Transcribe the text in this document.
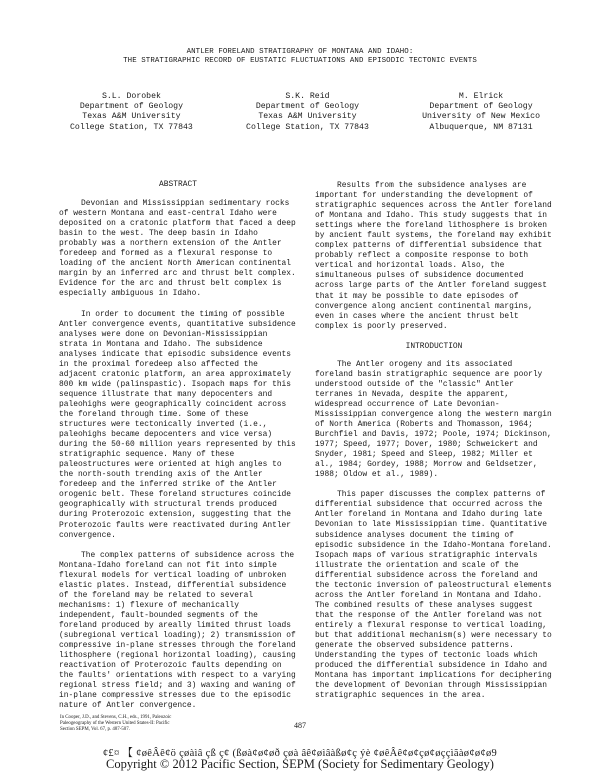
ANTLER FORELAND STRATIGRAPHY OF MONTANA AND IDAHO:
THE STRATIGRAPHIC RECORD OF EUSTATIC FLUCTUATIONS AND EPISODIC TECTONIC EVENTS
S.L. Dorobek
Department of Geology
Texas A&M University
College Station, TX 77843
S.K. Reid
Department of Geology
Texas A&M University
College Station, TX 77843
M. Elrick
Department of Geology
University of New Mexico
Albuquerque, NM 87131
ABSTRACT

Devonian and Mississippian sedimentary rocks of western Montana and east-central Idaho were deposited on a cratonic platform that faced a deep basin to the west. The deep basin in Idaho probably was a northern extension of the Antler foredeep and formed as a flexural response to loading of the ancient North American continental margin by an inferred arc and thrust belt complex. Evidence for the arc and thrust belt complex is especially ambiguous in Idaho.

In order to document the timing of possible Antler convergence events, quantitative subsidence analyses were done on Devonian-Mississippian strata in Montana and Idaho. The subsidence analyses indicate that episodic subsidence events in the proximal foredeep also affected the adjacent cratonic platform, an area approximately 800 km wide (palinspastic). Isopach maps for this sequence illustrate that many depocenters and paleohighs were geographically coincident across the foreland through time. Some of these structures were tectonically inverted (i.e., paleohighs became depocenters and vice versa) during the 50-60 million years represented by this stratigraphic sequence. Many of these paleostructures were oriented at high angles to the north-south trending axis of the Antler foredeep and the inferred strike of the Antler orogenic belt. These foreland structures coincide geographically with structural trends produced during Proterozoic extension, suggesting that the Proterozoic faults were reactivated during Antler convergence.

The complex patterns of subsidence across the Montana-Idaho foreland can not fit into simple flexural models for vertical loading of unbroken elastic plates. Instead, differential subsidence of the foreland may be related to several mechanisms: 1) flexure of mechanically independent, fault-bounded segments of the foreland produced by areally limited thrust loads (subregional vertical loading); 2) transmission of compressive in-plane stresses through the foreland lithosphere (regional horizontal loading), causing reactivation of Proterozoic faults depending on the faults' orientations with respect to a varying regional stress field; and 3) waxing and waning of in-plane compressive stresses due to the episodic nature of Antler convergence.

Results from the subsidence analyses are important for understanding the development of stratigraphic sequences across the Antler foreland of Montana and Idaho. This study suggests that in settings where the foreland lithosphere is broken by ancient fault systems, the foreland may exhibit complex patterns of differential subsidence that probably reflect a composite response to both vertical and horizontal loads. Also, the simultaneous pulses of subsidence documented across large parts of the Antler foreland suggest that it may be possible to date episodes of convergence along ancient continental margins, even in cases where the ancient thrust belt complex is poorly preserved.

INTRODUCTION

The Antler orogeny and its associated foreland basin stratigraphic sequence are poorly understood outside of the "classic" Antler terranes in Nevada, despite the apparent, widespread occurrence of Late Devonian-Mississippian convergence along the western margin of North America (Roberts and Thomasson, 1964; Burchfiel and Davis, 1972; Poole, 1974; Dickinson, 1977; Speed, 1977; Dover, 1980; Schweickert and Snyder, 1981; Speed and Sleep, 1982; Miller et al., 1984; Gordey, 1988; Morrow and Geldsetzer, 1988; Oldow et al., 1989).

This paper discusses the complex patterns of differential subsidence that occurred across the Antler foreland in Montana and Idaho during late Devonian to late Mississippian time. Quantitative subsidence analyses document the timing of episodic subsidence in the Idaho-Montana foreland. Isopach maps of various stratigraphic intervals illustrate the orientation and scale of the differential subsidence across the foreland and the tectonic inversion of paleostructural elements across the Antler foreland in Montana and Idaho. The combined results of these analyses suggest that the response of the Antler foreland was not entirely a flexural response to vertical loading, but that additional mechanism(s) were necessary to generate the observed subsidence patterns. Understanding the types of tectonic loads which produced the differential subsidence in Idaho and Montana has important implications for deciphering the development of Devonian through Mississippian stratigraphic sequences in the area.

In Cooper, J.D., and Stevens, C.H., eds., 1991, Paleozoic
Paleogeography of the Western United States-II: Pacific
Section SEPM, Vol. 67, p. 487-507.	487
¢£¤ 【 ¢øêÂê¢ö çøàìâ çß ç¢ (ßøà¢ø¢øð çøà âê¢øìâàßø¢ç ýè ¢øêÂê¢ø¢çø¢øççìãàø¢ø¢ø9
Copyright © 2012 Pacific Section, SEPM (Society for Sedimentary Geology)
